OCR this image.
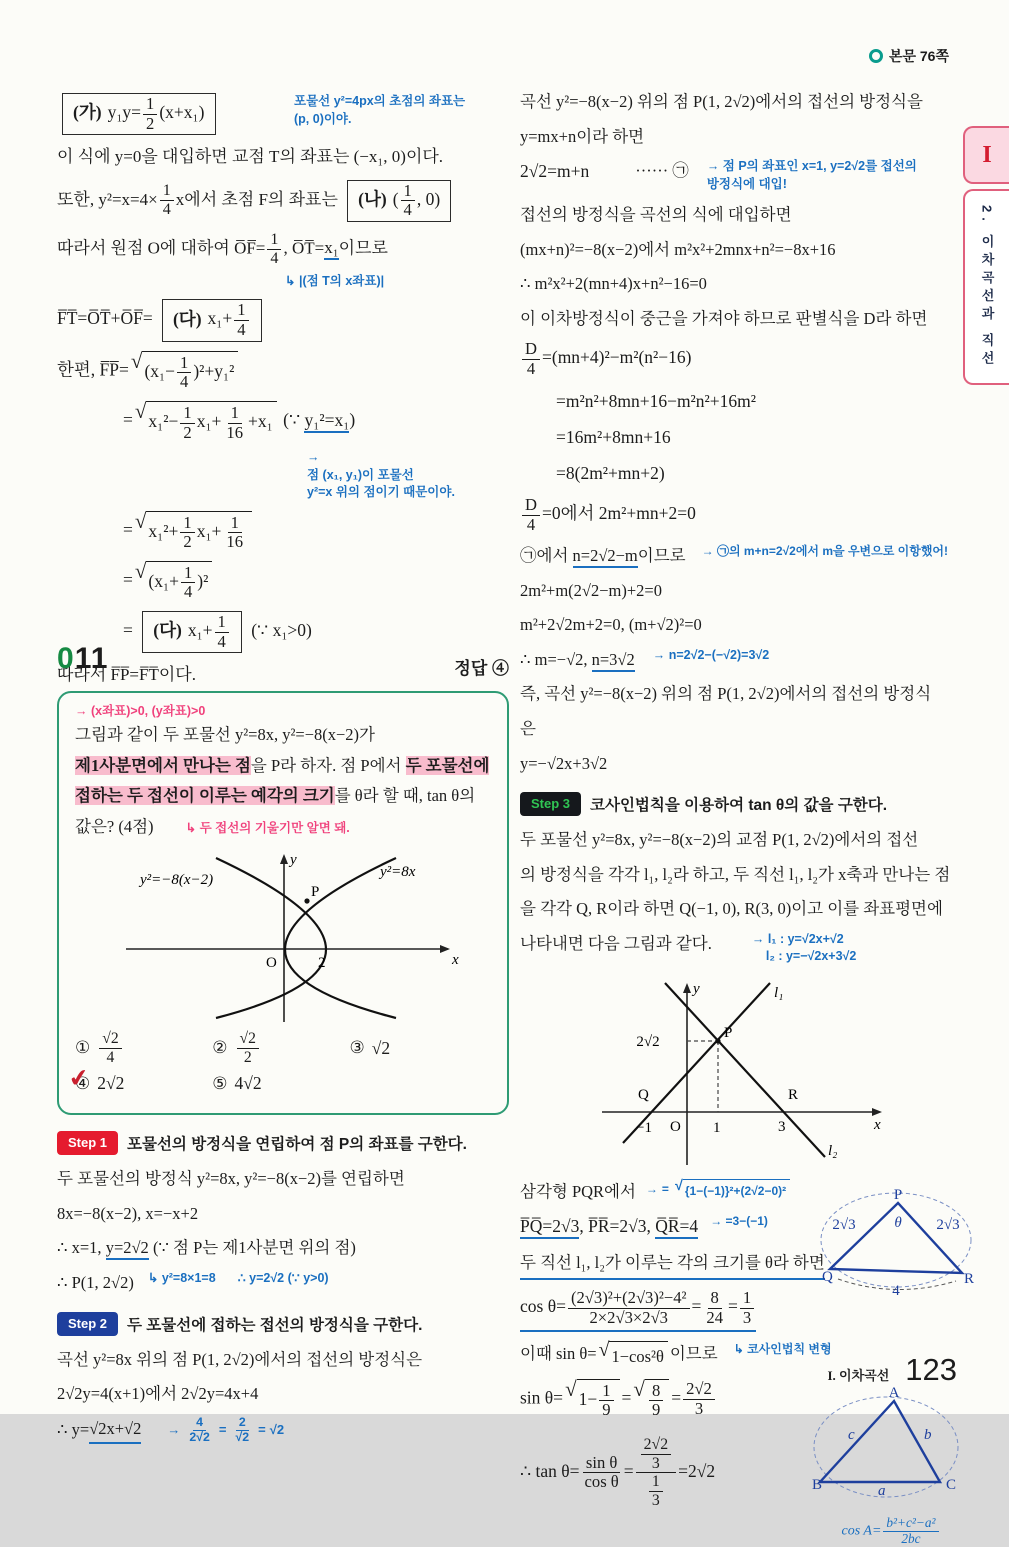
본문 76쪽
I
2. 이차곡선과 직선
(가) $y_1y= \frac{1}{2} (x+x_1)$
포물선 y²=4px의 초점의 좌표는
(p, 0)이야.
이 식에 y=0을 대입하면 교점 T의 좌표는 (−x₁, 0)이다.
또한, $y^2=x=4\times \frac{1}{4}$ x에서 초점 F의 좌표는 (나) ( $\frac{1}{4}$ , 0)
따라서 원점 O에 대하여 O̅F̅= $\frac{1}{4}$ , O̅T̅=x₁이므로
↳ |(점 T의 x좌표)|
F̅T̅=O̅T̅+O̅F̅= (다) $x_1+ \frac{1}{4}$
한편, F̅P̅= √ $(x_1- \frac{1}{4} )^2+y_1^2$
= √ $x_1^2- \frac{1}{2} x_1+ \frac{1}{16} +x_1$ (∵ y₁²=x₁)
→ 점 (x₁, y₁)이 포물선
y²=x 위의 점이기 때문이야.
= √ $x_1^2+ \frac{1}{2} x_1+ \frac{1}{16}$
= √ $(x_1+ \frac{1}{4} )^2$
= (다) $x_1+ \frac{1}{4}$ (∵ x₁>0)
따라서 F̅P̅=F̅T̅이다.
011	정답 ④
→ (x좌표)>0, (y좌표)>0
그림과 같이 두 포물선 y²=8x, y²=−8(x−2)가
제1사분면에서 만나는 점을 P라 하자. 점 P에서 두 포물선에
접하는 두 접선이 이루는 예각의 크기를 θ라 할 때, tan θ의
값은? (4점)	↳ 두 접선의 기울기만 알면 돼.
y²=−8(x−2)	y²=8x
y
x
O	2
P
① √2
4
② √2
2
③ √2
✔
④ 2√2	⑤ 4√2
Step 1 포물선의 방정식을 연립하여 점 P의 좌표를 구한다.
두 포물선의 방정식 y²=8x, y²=−8(x−2)를 연립하면
8x=−8(x−2), x=−x+2
∴ x=1, y=2√2 (∵ 점 P는 제1사분면 위의 점)
∴ P(1, 2√2)	↳ y²=8×1=8 ∴ y=2√2 (∵ y>0)
Step 2 두 포물선에 접하는 접선의 방정식을 구한다.
곡선 y²=8x 위의 점 P(1, 2√2)에서의 접선의 방정식은
2√2y=4(x+1)에서 2√2y=4x+4
∴ y= √2x+√2 →	$\frac{4}{2√2} = \frac{2}{√2} = √2$
곡선 y²=−8(x−2) 위의 점 P(1, 2√2)에서의 접선의 방정식을
y=mx+n이라 하면
2√2=m+n	······ ㉠	→ 점 P의 좌표인 x=1, y=2√2를 접선의 방정식에 대입!
접선의 방정식을 곡선의 식에 대입하면
(mx+n)²=−8(x−2)에서 m²x²+2mnx+n²=−8x+16
∴ m²x²+2(mn+4)x+n²−16=0
이 이차방정식이 중근을 가져야 하므로 판별식을 D라 하면
$\frac{D}{4} =(mn+4)^2-m^2(n^2-16)$
=m²n²+8mn+16−m²n²+16m²
=16m²+8mn+16
=8(2m²+mn+2)
$\frac{D}{4} =0$에서 2m²+mn+2=0
㉠에서 n=2√2−m이므로	→ ㉠의 m+n=2√2에서 m을 우변으로 이항했어!
2m²+m(2√2−m)+2=0
m²+2√2m+2=0, (m+√2)²=0
∴ m=−√2, n=3√2	→ n=2√2−(−√2)=3√2
즉, 곡선 y²=−8(x−2) 위의 점 P(1, 2√2)에서의 접선의 방정식
은
y=−√2x+3√2
Step 3 코사인법칙을 이용하여 tan θ의 값을 구한다.
두 포물선 y²=8x, y²=−8(x−2)의 교점 P(1, 2√2)에서의 접선
의 방정식을 각각 l₁, l₂라 하고, 두 직선 l₁, l₂가 x축과 만나는 점
을 각각 Q, R이라 하면 Q(−1, 0), R(3, 0)이고 이를 좌표평면에
나타내면 다음 그림과 같다.	→ l₁ : y=√2x+√2
l₂ : y=−√2x+3√2
y
x
l₁
l₂
P
Q	R
O
−1	1	3
2√2
삼각형 PQR에서 → = √ {1−(−1)}²+(2√2−0)²
P̅Q̅=2√3, P̅R̅=2√3, Q̅R̅=4	→ =3−(−1)
두 직선 l₁, l₂가 이루는 각의 크기를 θ라 하면
$\cos \theta= \frac{\text{(2√3)²+(2√3)²−4²}}{2\times 2√3\times 2√3} = \frac{8}{24} = \frac{1}{3}$
이때 sin θ= √ 1−cos²θ 이므로	↳ 코사인법칙 변형
P
θ
2√3	2√3
Q	R
4
sin θ= √ $1- \frac{1}{9}$ = √ $\frac{8}{9} = \frac{2√2}{3}$
∴ $\tan \theta= \frac{\text{sin θ}}{\text{cos θ}} = \frac{\frac{2√2}{3}}{\frac{1}{3}} =2√2$
A
B	C
c	b
a
$\cos A= \frac{\text{b²+c²−a²}}{2bc}$
I. 이차곡선 123
